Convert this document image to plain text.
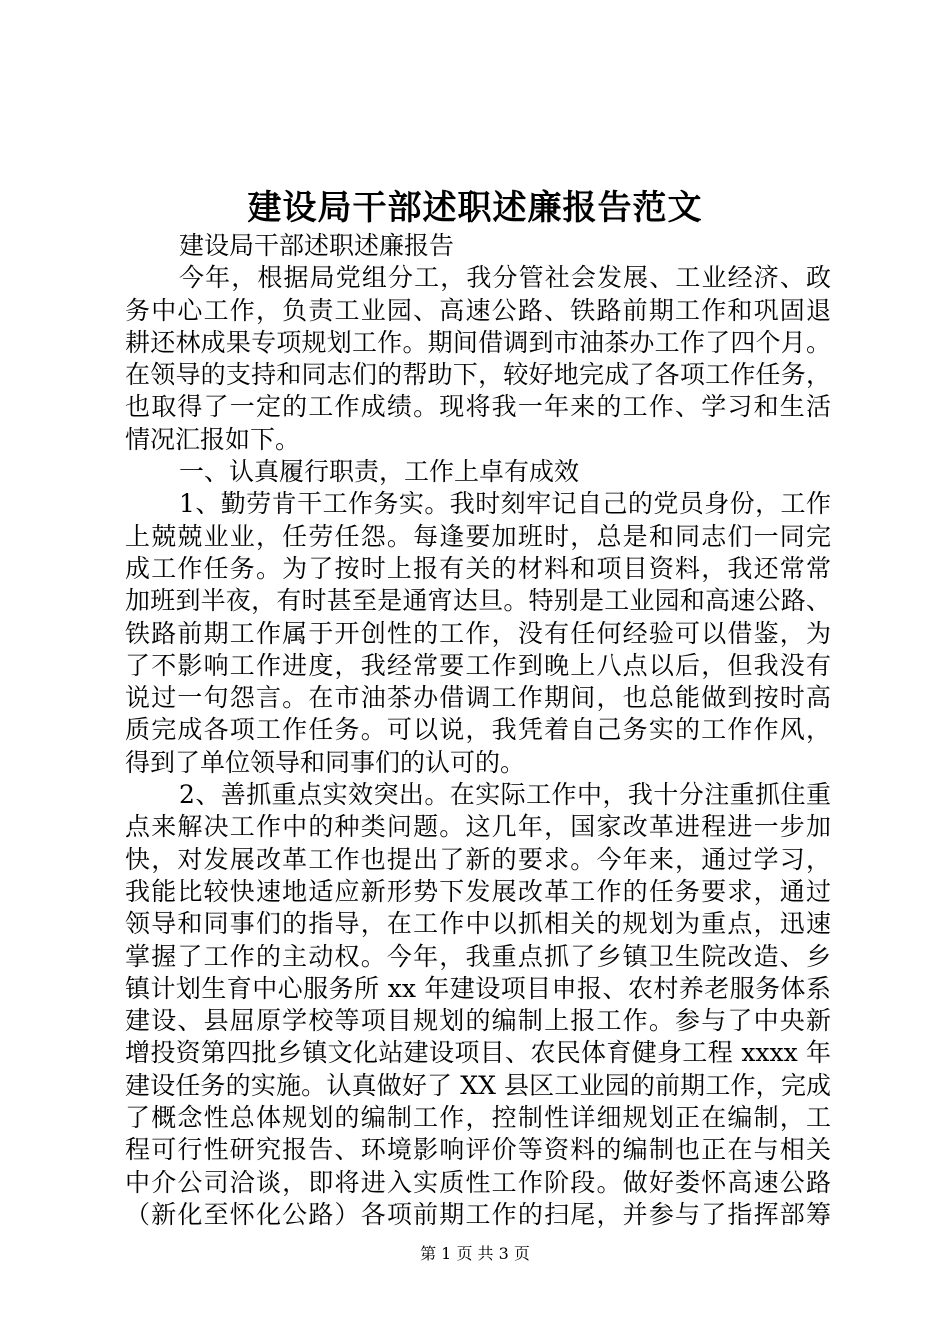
建设局干部述职述廉报告范文
建设局干部述职述廉报告
今年，根据局党组分工，我分管社会发展、工业经济、政
务中心工作，负责工业园、高速公路、铁路前期工作和巩固退
耕还林成果专项规划工作。期间借调到市油茶办工作了四个月。
在领导的支持和同志们的帮助下，较好地完成了各项工作任务，
也取得了一定的工作成绩。现将我一年来的工作、学习和生活
情况汇报如下。
一、认真履行职责，工作上卓有成效
1、勤劳肯干工作务实。我时刻牢记自己的党员身份，工作
上兢兢业业，任劳任怨。每逢要加班时，总是和同志们一同完
成工作任务。为了按时上报有关的材料和项目资料，我还常常
加班到半夜，有时甚至是通宵达旦。特别是工业园和高速公路、
铁路前期工作属于开创性的工作，没有任何经验可以借鉴，为
了不影响工作进度，我经常要工作到晚上八点以后，但我没有
说过一句怨言。在市油茶办借调工作期间，也总能做到按时高
质完成各项工作任务。可以说，我凭着自己务实的工作作风，
得到了单位领导和同事们的认可的。
2、善抓重点实效突出。在实际工作中，我十分注重抓住重
点来解决工作中的种类问题。这几年，国家改革进程进一步加
快，对发展改革工作也提出了新的要求。今年来，通过学习，
我能比较快速地适应新形势下发展改革工作的任务要求，通过
领导和同事们的指导，在工作中以抓相关的规划为重点，迅速
掌握了工作的主动权。今年，我重点抓了乡镇卫生院改造、乡
镇计划生育中心服务所 xx 年建设项目申报、农村养老服务体系
建设、县屈原学校等项目规划的编制上报工作。参与了中央新
增投资第四批乡镇文化站建设项目、农民体育健身工程 xxxx 年
建设任务的实施。认真做好了 XX 县区工业园的前期工作，完成
了概念性总体规划的编制工作，控制性详细规划正在编制，工
程可行性研究报告、环境影响评价等资料的编制也正在与相关
中介公司洽谈，即将进入实质性工作阶段。做好娄怀高速公路
（新化至怀化公路）各项前期工作的扫尾，并参与了指挥部筹
第 1 页 共 3 页
